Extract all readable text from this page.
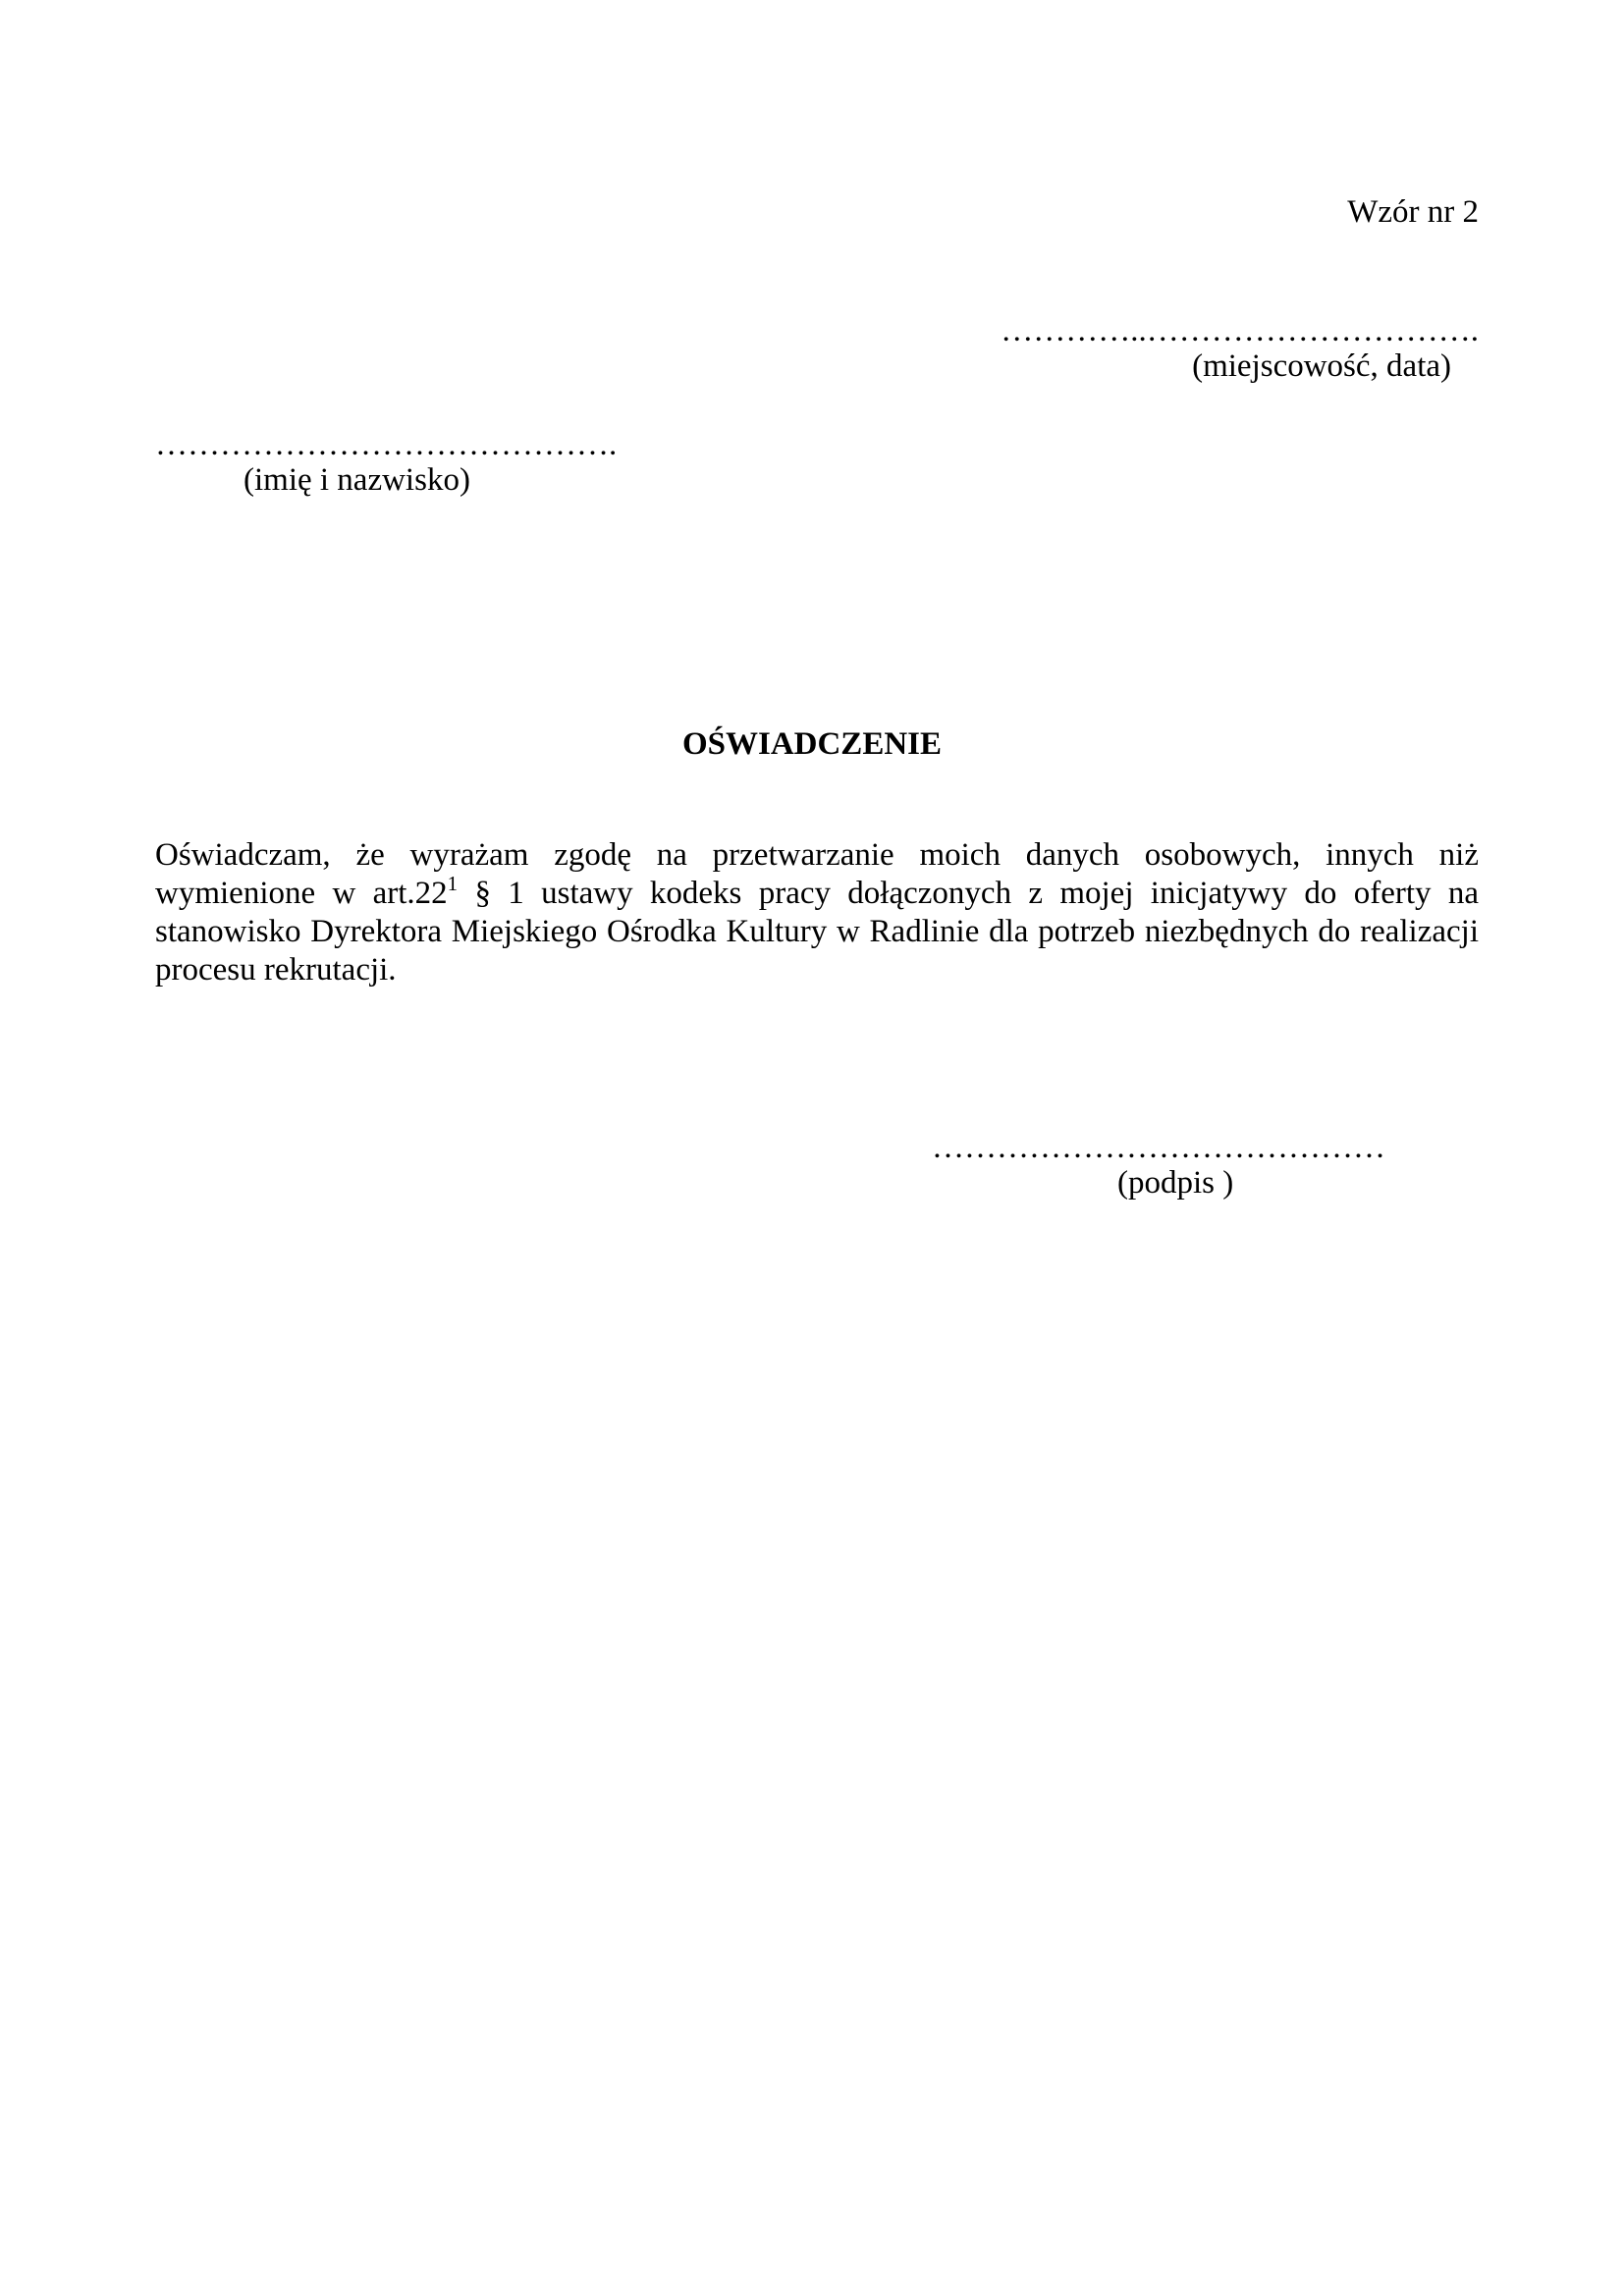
Wzór nr 2
…………..………………………….
(miejscowość, data)
…………………………………….
(imię i nazwisko)
OŚWIADCZENIE
Oświadczam, że wyrażam zgodę na przetwarzanie moich danych osobowych, innych niż
wymienione w $art.22^1$ § 1 ustawy kodeks pracy dołączonych z mojej inicjatywy do oferty na
stanowisko Dyrektora Miejskiego Ośrodka Kultury w Radlinie dla potrzeb niezbędnych do realizacji
procesu rekrutacji.
……………………………………
(podpis )
